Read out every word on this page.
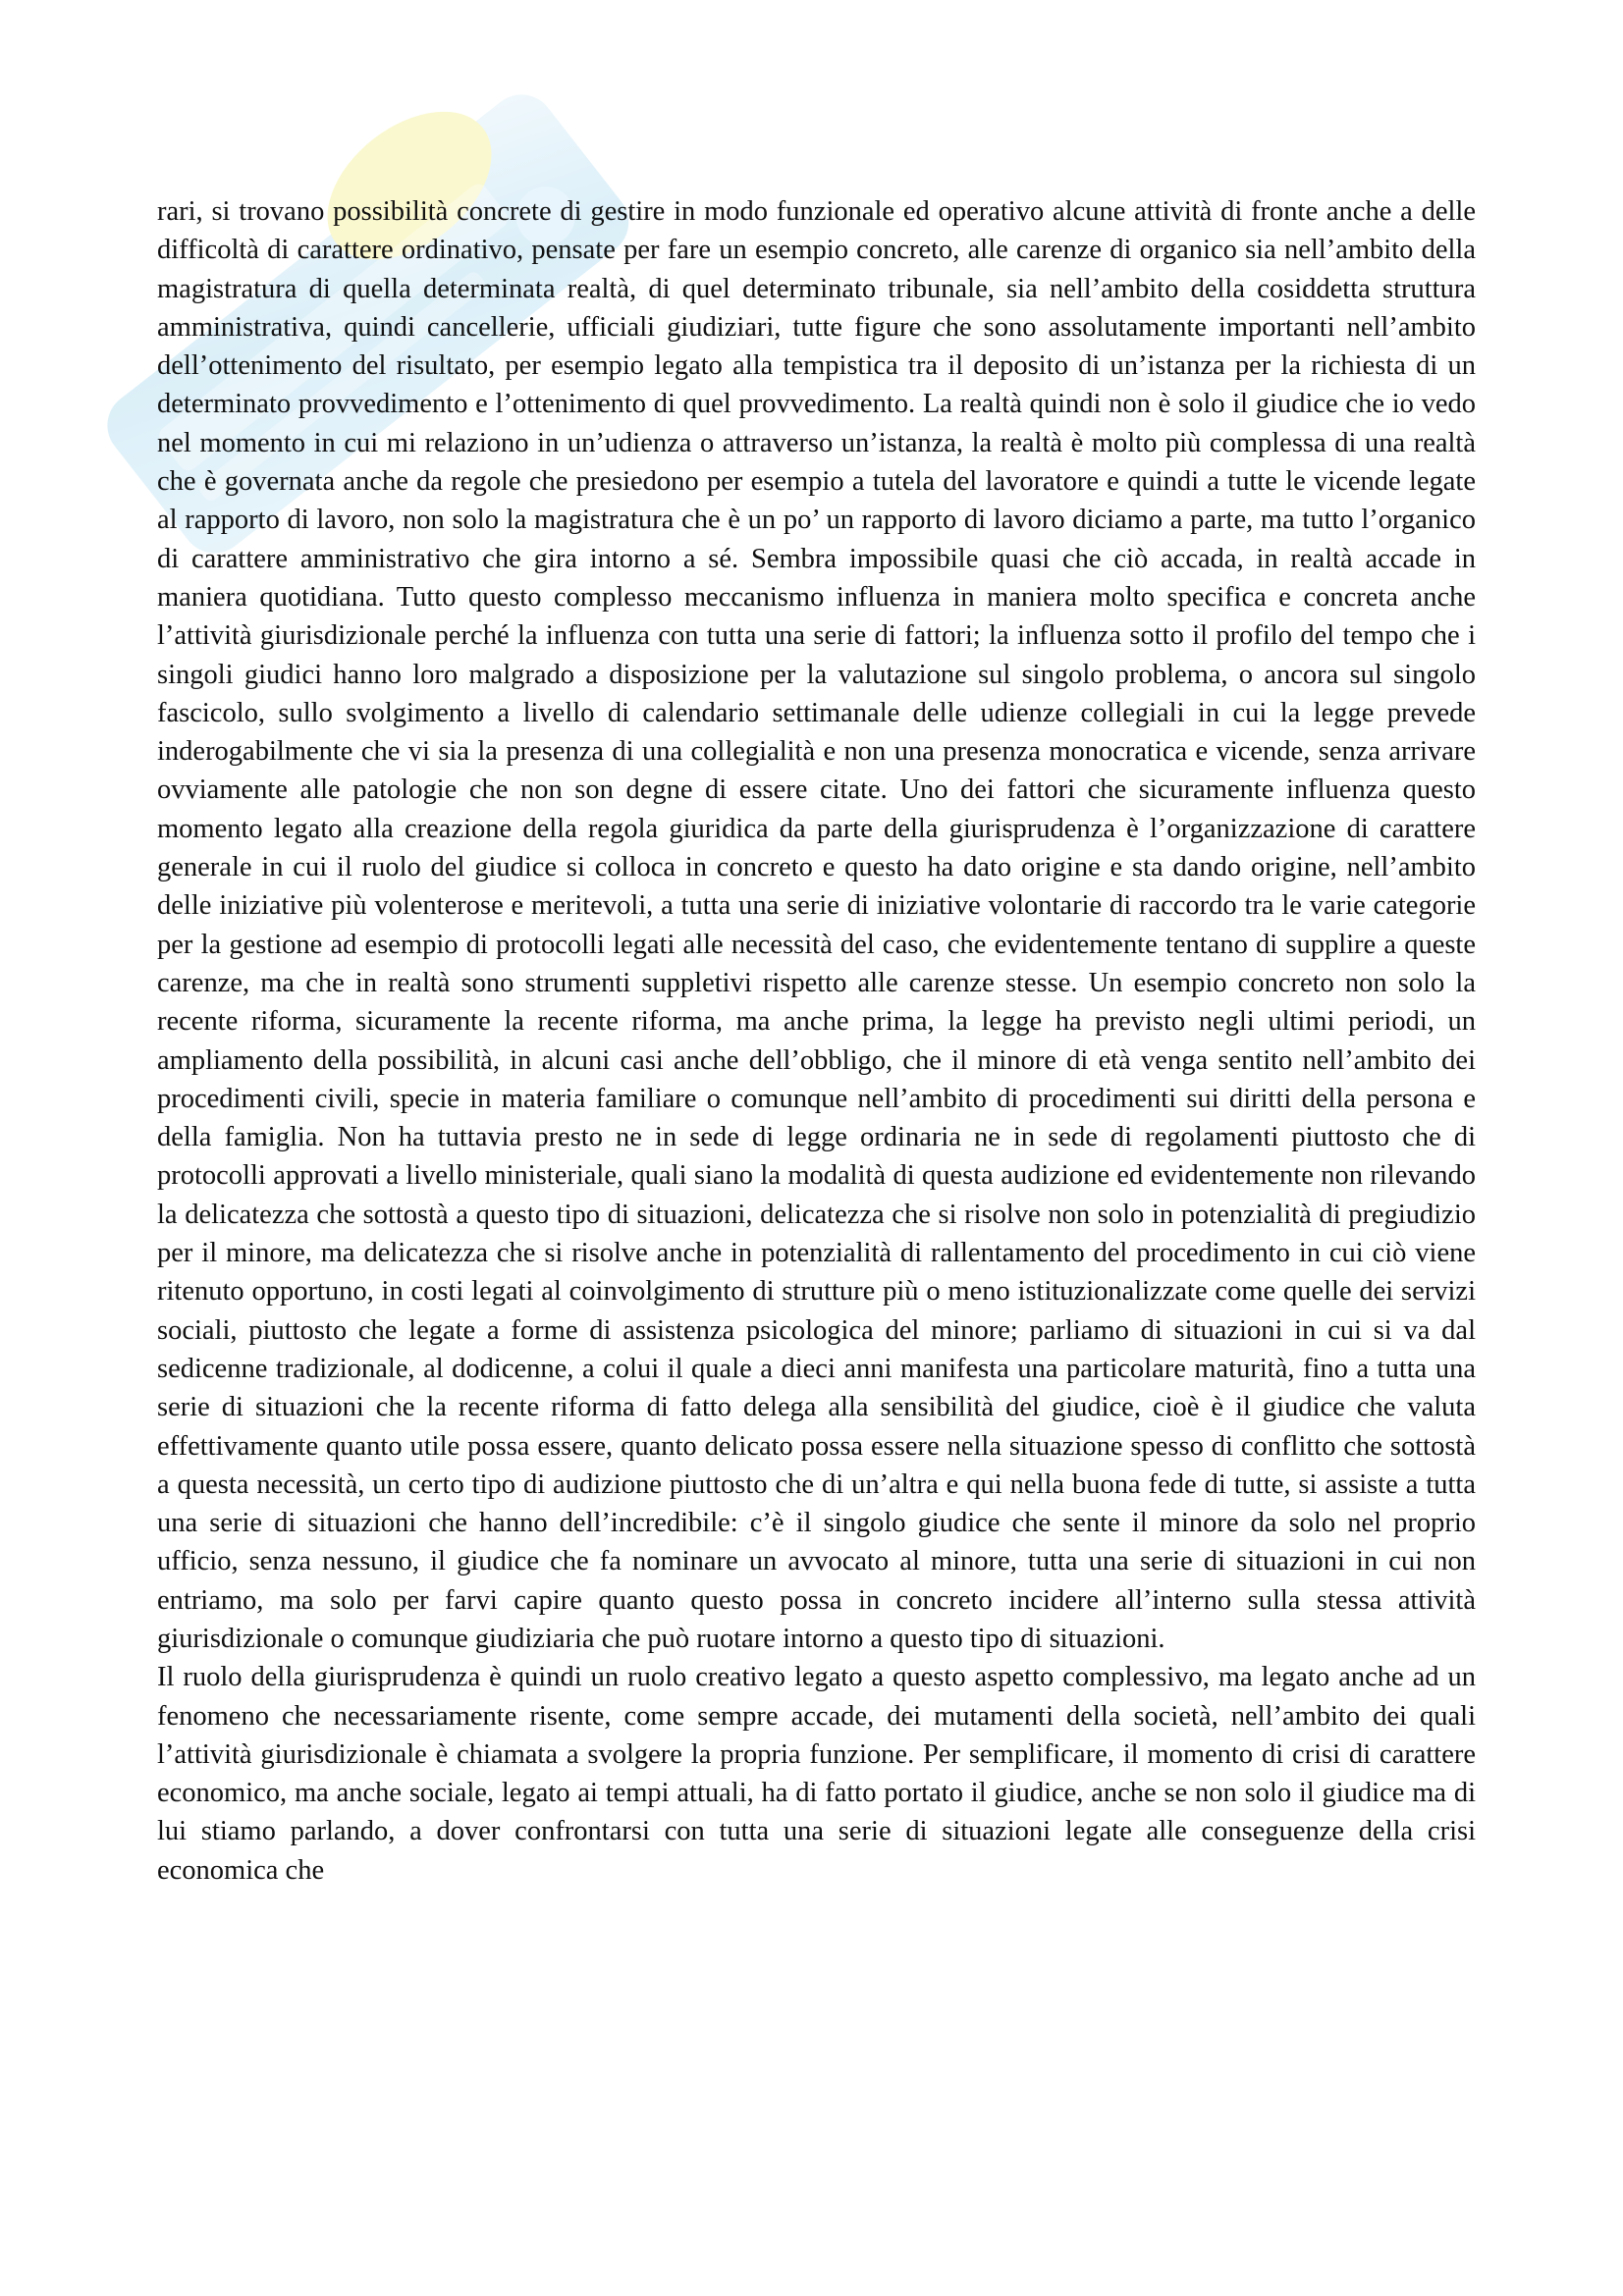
rari, si trovano possibilità concrete di gestire in modo funzionale ed operativo alcune attività di fronte anche a delle difficoltà di carattere ordinativo, pensate per fare un esempio concreto, alle carenze di organico sia nell’ambito della magistratura di quella determinata realtà, di quel determinato tribunale, sia nell’ambito della cosiddetta struttura amministrativa, quindi cancellerie, ufficiali giudiziari, tutte figure che sono assolutamente importanti nell’ambito dell’ottenimento del risultato, per esempio legato alla tempistica tra il deposito di un’istanza per la richiesta di un determinato provvedimento e l’ottenimento di quel provvedimento. La realtà quindi non è solo il giudice che io vedo nel momento in cui mi relaziono in un’udienza o attraverso un’istanza, la realtà è molto più complessa di una realtà che è governata anche da regole che presiedono per esempio a tutela del lavoratore e quindi a tutte le vicende legate al rapporto di lavoro, non solo la magistratura che è un po’ un rapporto di lavoro diciamo a parte, ma tutto l’organico di carattere amministrativo che gira intorno a sé. Sembra impossibile quasi che ciò accada, in realtà accade in maniera quotidiana. Tutto questo complesso meccanismo influenza in maniera molto specifica e concreta anche l’attività giurisdizionale perché la influenza con tutta una serie di fattori; la influenza sotto il profilo del tempo che i singoli giudici hanno loro malgrado a disposizione per la valutazione sul singolo problema, o ancora sul singolo fascicolo, sullo svolgimento a livello di calendario settimanale delle udienze collegiali in cui la legge prevede inderogabilmente che vi sia la presenza di una collegialità e non una presenza monocratica e vicende, senza arrivare ovviamente alle patologie che non son degne di essere citate. Uno dei fattori che sicuramente influenza questo momento legato alla creazione della regola giuridica da parte della giurisprudenza è l’organizzazione di carattere generale in cui il ruolo del giudice si colloca in concreto e questo ha dato origine e sta dando origine, nell’ambito delle iniziative più volenterose e meritevoli, a tutta una serie di iniziative volontarie di raccordo tra le varie categorie per la gestione ad esempio di protocolli legati alle necessità del caso, che evidentemente tentano di supplire a queste carenze, ma che in realtà sono strumenti suppletivi rispetto alle carenze stesse. Un esempio concreto non solo la recente riforma, sicuramente la recente riforma, ma anche prima, la legge ha previsto negli ultimi periodi, un ampliamento della possibilità, in alcuni casi anche dell’obbligo, che il minore di età venga sentito nell’ambito dei procedimenti civili, specie in materia familiare o comunque nell’ambito di procedimenti sui diritti della persona e della famiglia. Non ha tuttavia presto ne in sede di legge ordinaria ne in sede di regolamenti piuttosto che di protocolli approvati a livello ministeriale, quali siano la modalità di questa audizione ed evidentemente non rilevando la delicatezza che sottostà a questo tipo di situazioni, delicatezza che si risolve non solo in potenzialità di pregiudizio per il minore, ma delicatezza che si risolve anche in potenzialità di rallentamento del procedimento in cui ciò viene ritenuto opportuno, in costi legati al coinvolgimento di strutture più o meno istituzionalizzate come quelle dei servizi sociali, piuttosto che legate a forme di assistenza psicologica del minore; parliamo di situazioni in cui si va dal sedicenne tradizionale, al dodicenne, a colui il quale a dieci anni manifesta una particolare maturità, fino a tutta una serie di situazioni che la recente riforma di fatto delega alla sensibilità del giudice, cioè è il giudice che valuta effettivamente quanto utile possa essere, quanto delicato possa essere nella situazione spesso di conflitto che sottostà a questa necessità, un certo tipo di audizione piuttosto che di un’altra e qui nella buona fede di tutte, si assiste a tutta una serie di situazioni che hanno dell’incredibile: c’è il singolo giudice che sente il minore da solo nel proprio ufficio, senza nessuno, il giudice che fa nominare un avvocato al minore, tutta una serie di situazioni in cui non entriamo, ma solo per farvi capire quanto questo possa in concreto incidere all’interno sulla stessa attività giurisdizionale o comunque giudiziaria che può ruotare intorno a questo tipo di situazioni.

Il ruolo della giurisprudenza è quindi un ruolo creativo legato a questo aspetto complessivo, ma legato anche ad un fenomeno che necessariamente risente, come sempre accade, dei mutamenti della società, nell’ambito dei quali l’attività giurisdizionale è chiamata a svolgere la propria funzione. Per semplificare, il momento di crisi di carattere economico, ma anche sociale, legato ai tempi attuali, ha di fatto portato il giudice, anche se non solo il giudice ma di lui stiamo parlando, a dover confrontarsi con tutta una serie di situazioni legate alle conseguenze della crisi economica che
